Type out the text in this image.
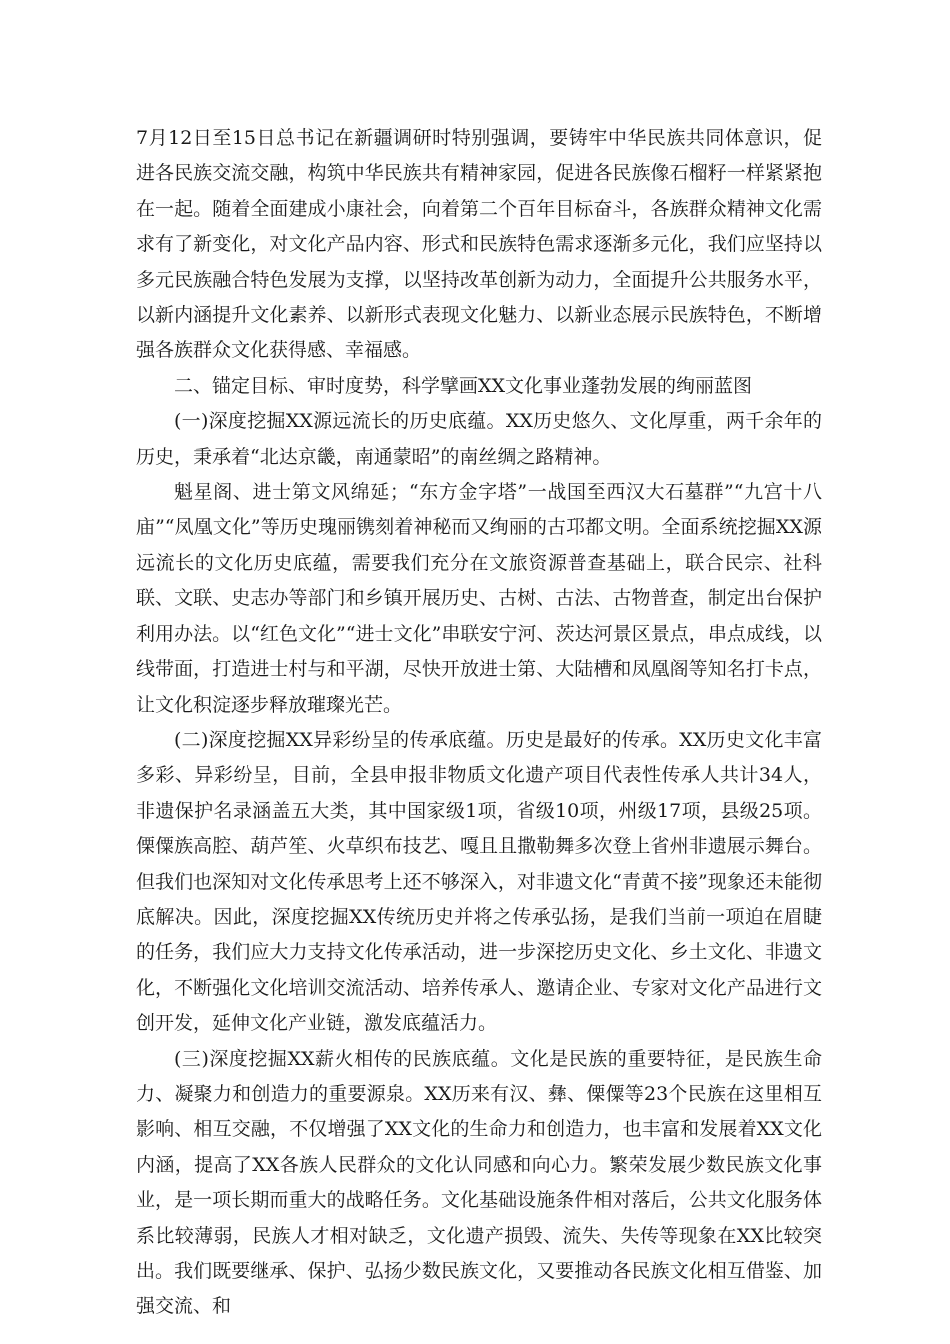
7月12日至15日总书记在新疆调研时特别强调，要铸牢中华民族共同体意识，促进各民族交流交融，构筑中华民族共有精神家园，促进各民族像石榴籽一样紧紧抱在一起。随着全面建成小康社会，向着第二个百年目标奋斗，各族群众精神文化需求有了新变化，对文化产品内容、形式和民族特色需求逐渐多元化，我们应坚持以多元民族融合特色发展为支撑，以坚持改革创新为动力，全面提升公共服务水平，以新内涵提升文化素养、以新形式表现文化魅力、以新业态展示民族特色，不断增强各族群众文化获得感、幸福感。

二、锚定目标、审时度势，科学擘画XX文化事业蓬勃发展的绚丽蓝图

(一)深度挖掘XX源远流长的历史底蕴。XX历史悠久、文化厚重，两千余年的历史，秉承着“北达京畿，南通蒙昭”的南丝绸之路精神。

魁星阁、进士第文风绵延；“东方金字塔”一战国至西汉大石墓群”“九宫十八庙”“凤凰文化”等历史瑰丽镌刻着神秘而又绚丽的古邛都文明。全面系统挖掘XX源远流长的文化历史底蕴，需要我们充分在文旅资源普查基础上，联合民宗、社科联、文联、史志办等部门和乡镇开展历史、古树、古法、古物普查，制定出台保护利用办法。以“红色文化”“进士文化”串联安宁河、茨达河景区景点，串点成线，以线带面，打造进士村与和平湖，尽快开放进士第、大陆槽和凤凰阁等知名打卡点，让文化积淀逐步释放璀璨光芒。

(二)深度挖掘XX异彩纷呈的传承底蕴。历史是最好的传承。XX历史文化丰富多彩、异彩纷呈，目前，全县申报非物质文化遗产项目代表性传承人共计34人，非遗保护名录涵盖五大类，其中国家级1项，省级10项，州级17项，县级25项。傈僳族高腔、葫芦笙、火草织布技艺、嘎且且撒勒舞多次登上省州非遗展示舞台。但我们也深知对文化传承思考上还不够深入，对非遗文化“青黄不接”现象还未能彻底解决。因此，深度挖掘XX传统历史并将之传承弘扬，是我们当前一项迫在眉睫的任务，我们应大力支持文化传承活动，进一步深挖历史文化、乡土文化、非遗文化，不断强化文化培训交流活动、培养传承人、邀请企业、专家对文化产品进行文创开发，延伸文化产业链，激发底蕴活力。

(三)深度挖掘XX薪火相传的民族底蕴。文化是民族的重要特征，是民族生命力、凝聚力和创造力的重要源泉。XX历来有汉、彝、傈僳等23个民族在这里相互影响、相互交融，不仅增强了XX文化的生命力和创造力，也丰富和发展着XX文化内涵，提高了XX各族人民群众的文化认同感和向心力。繁荣发展少数民族文化事业，是一项长期而重大的战略任务。文化基础设施条件相对落后，公共文化服务体系比较薄弱，民族人才相对缺乏，文化遗产损毁、流失、失传等现象在XX比较突出。我们既要继承、保护、弘扬少数民族文化，又要推动各民族文化相互借鉴、加强交流、和
